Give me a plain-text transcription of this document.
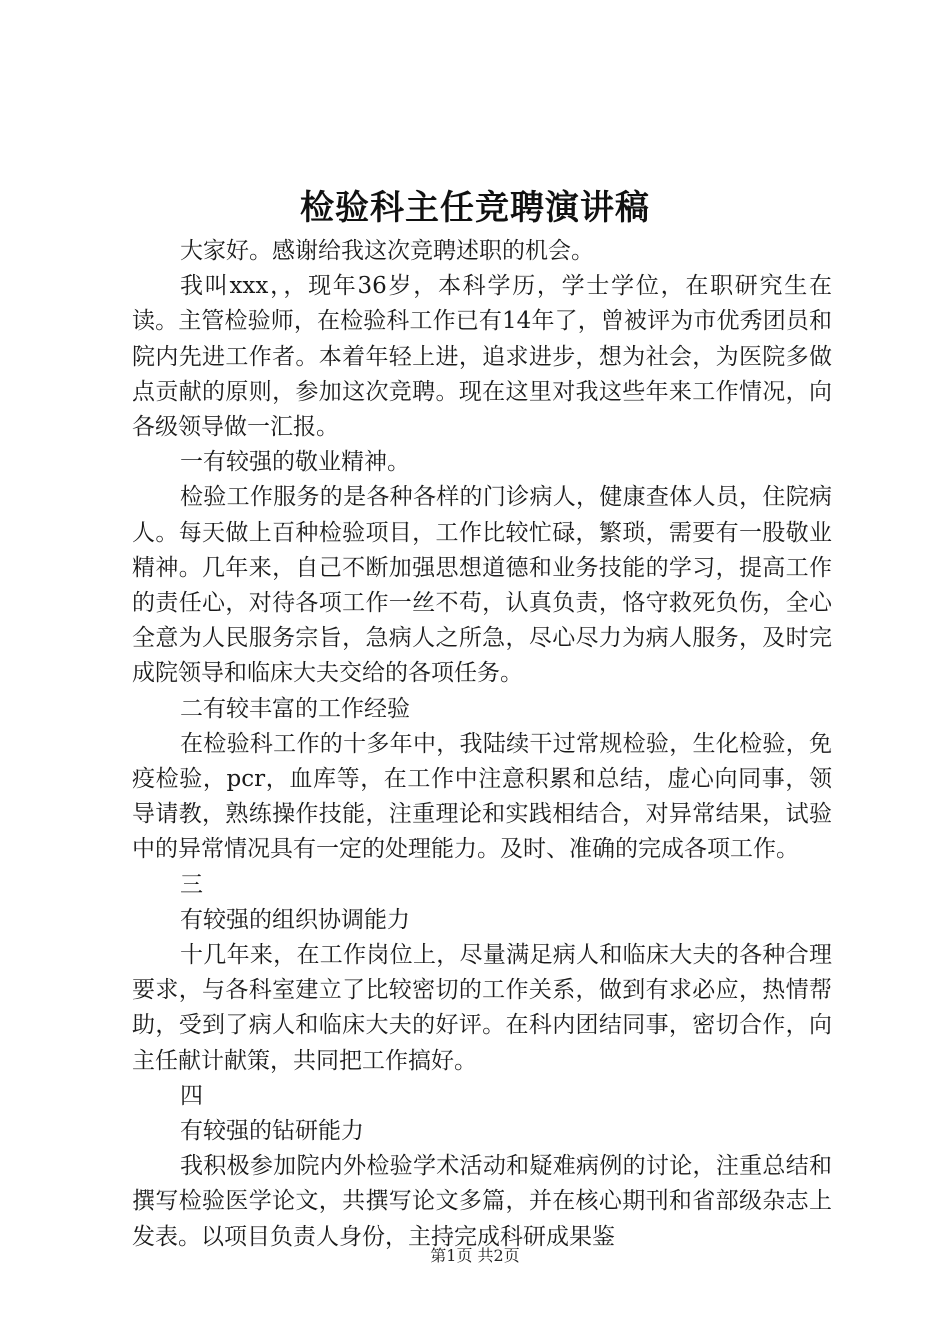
检验科主任竞聘演讲稿

大家好。感谢给我这次竞聘述职的机会。

我叫xxx，，现年36岁，本科学历，学士学位，在职研究生在读。主管检验师，在检验科工作已有14年了，曾被评为市优秀团员和院内先进工作者。本着年轻上进，追求进步，想为社会，为医院多做点贡献的原则，参加这次竞聘。现在这里对我这些年来工作情况，向各级领导做一汇报。

一有较强的敬业精神。

检验工作服务的是各种各样的门诊病人，健康查体人员，住院病人。每天做上百种检验项目，工作比较忙碌，繁琐，需要有一股敬业精神。几年来，自己不断加强思想道德和业务技能的学习，提高工作的责任心，对待各项工作一丝不苟，认真负责，恪守救死负伤，全心全意为人民服务宗旨，急病人之所急，尽心尽力为病人服务，及时完成院领导和临床大夫交给的各项任务。

二有较丰富的工作经验

在检验科工作的十多年中，我陆续干过常规检验，生化检验，免疫检验，pcr，血库等，在工作中注意积累和总结，虚心向同事，领导请教，熟练操作技能，注重理论和实践相结合，对异常结果，试验中的异常情况具有一定的处理能力。及时、准确的完成各项工作。

三

有较强的组织协调能力

十几年来，在工作岗位上，尽量满足病人和临床大夫的各种合理要求，与各科室建立了比较密切的工作关系，做到有求必应，热情帮助，受到了病人和临床大夫的好评。在科内团结同事，密切合作，向主任献计献策，共同把工作搞好。

四

有较强的钻研能力

我积极参加院内外检验学术活动和疑难病例的讨论，注重总结和撰写检验医学论文，共撰写论文多篇，并在核心期刊和省部级杂志上发表。以项目负责人身份，主持完成科研成果鉴

第1页 共2页
